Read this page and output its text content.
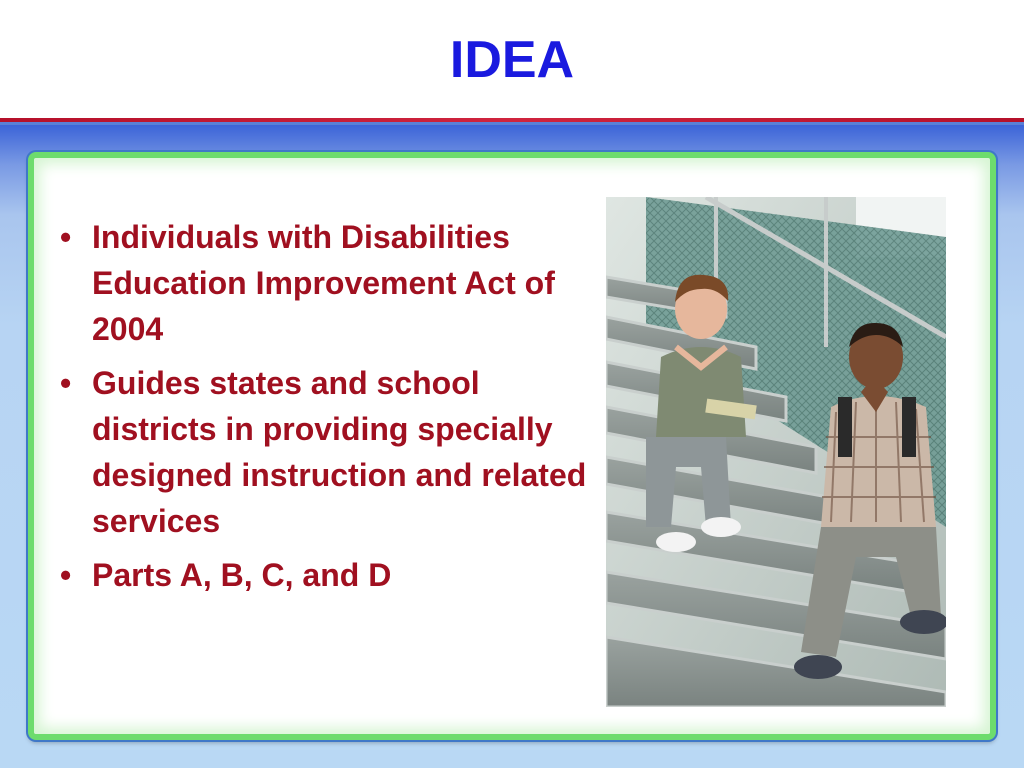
IDEA
• Individuals with Disabilities Education Improvement Act of 2004
• Guides states and school districts in providing specially designed instruction and related services
• Parts A, B, C, and D
